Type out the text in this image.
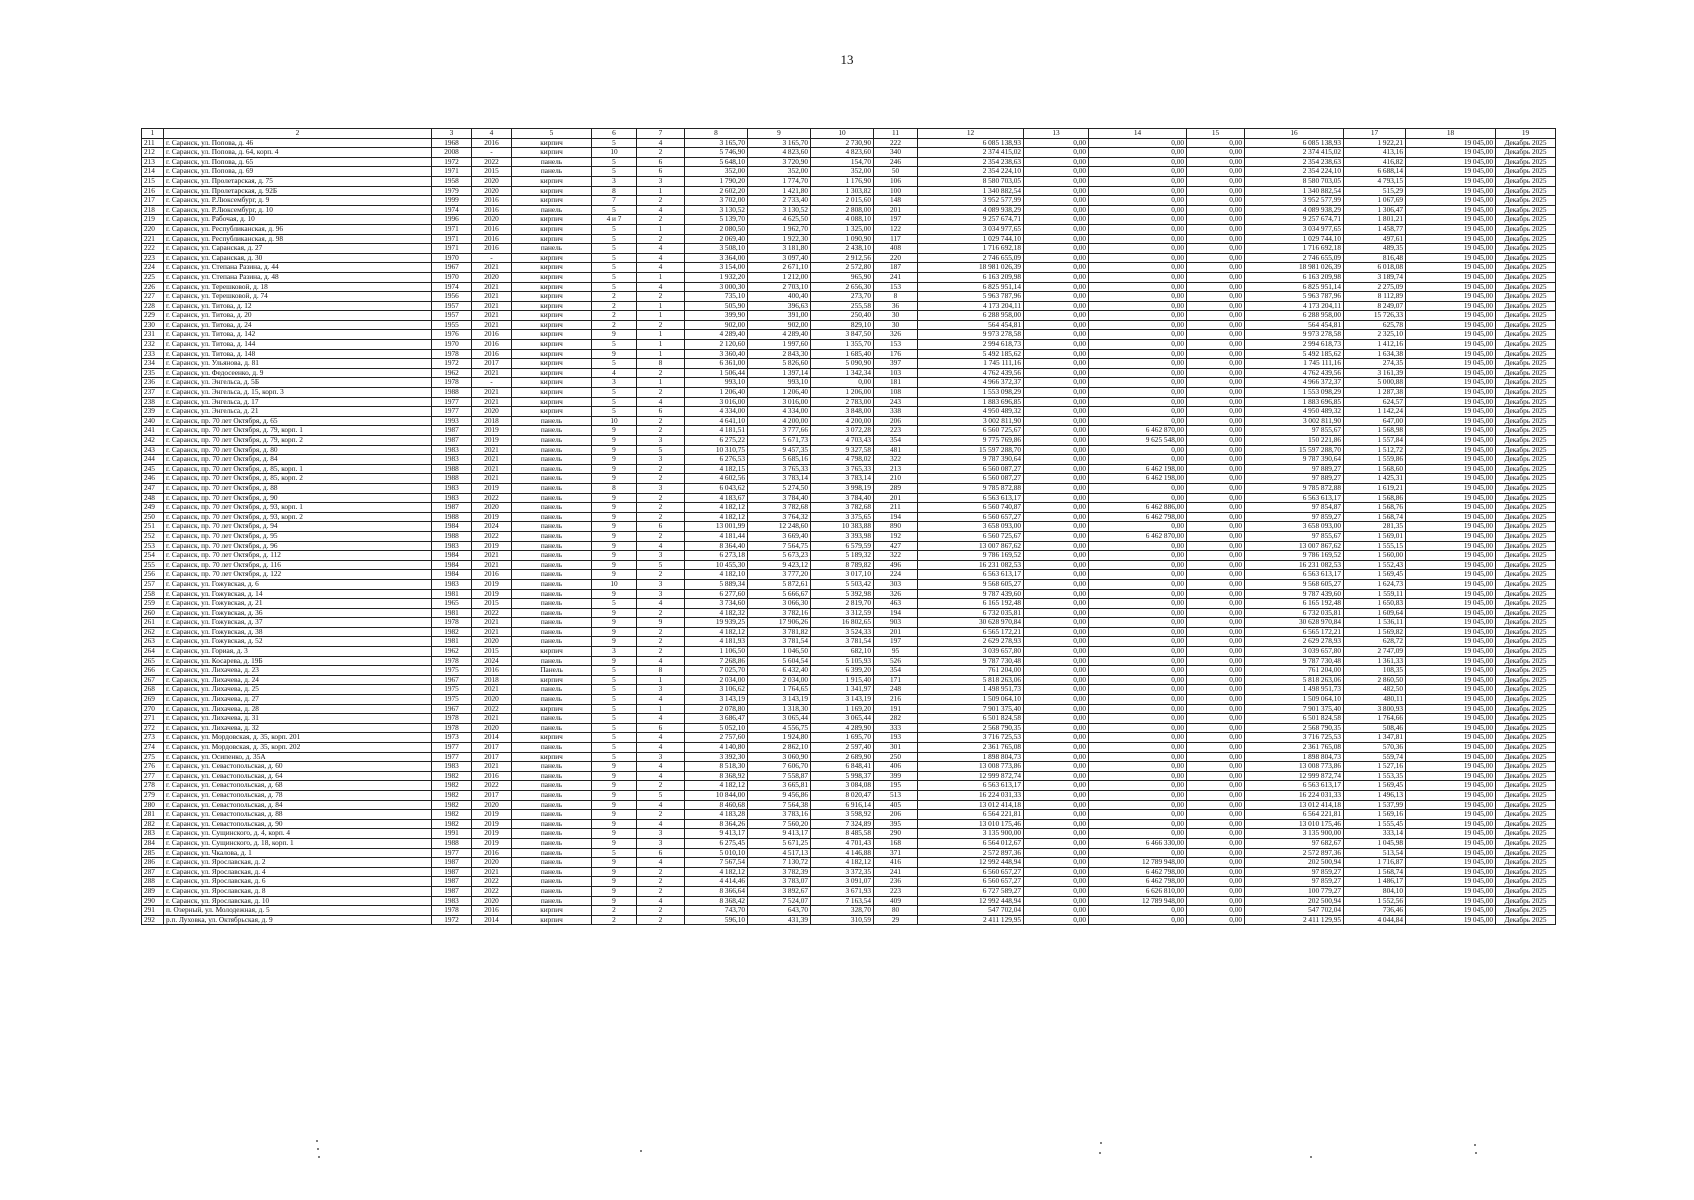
13
1	2	3	4	5	6	7	8	9	10	11	12	13	14	15	16	17	18	19
211	г. Саранск, ул. Попова, д. 46	1968	2016	кирпич	5	4	3 165,70	3 165,70	2 730,90	222	6 085 138,93	0,00	0,00	0,00	6 085 138,93	1 922,21	19 045,00	Декабрь 2025
212	г. Саранск, ул. Попова, д. 64, корп. 4	2008	-	кирпич	10	2	5 746,90	4 823,60	4 823,60	340	2 374 415,02	0,00	0,00	0,00	2 374 415,02	413,16	19 045,00	Декабрь 2025
213	г. Саранск, ул. Попова, д. 65	1972	2022	панель	5	6	5 648,10	3 720,90	154,70	246	2 354 238,63	0,00	0,00	0,00	2 354 238,63	416,82	19 045,00	Декабрь 2025
214	г. Саранск, ул. Попова, д. 69	1971	2015	панель	5	6	352,00	352,00	352,00	50	2 354 224,10	0,00	0,00	0,00	2 354 224,10	6 688,14	19 045,00	Декабрь 2025
215	г. Саранск, ул. Пролетарская, д. 75	1958	2020	кирпич	3	3	1 790,20	1 774,70	1 176,90	106	8 580 703,05	0,00	0,00	0,00	8 580 703,05	4 793,15	19 045,00	Декабрь 2025
216	г. Саранск, ул. Пролетарская, д. 92Б	1979	2020	кирпич	8	1	2 602,20	1 421,80	1 303,82	100	1 340 882,54	0,00	0,00	0,00	1 340 882,54	515,29	19 045,00	Декабрь 2025
217	г. Саранск, ул. Р.Люксембург, д. 9	1999	2016	кирпич	7	2	3 702,00	2 733,40	2 015,60	148	3 952 577,99	0,00	0,00	0,00	3 952 577,99	1 067,69	19 045,00	Декабрь 2025
218	г. Саранск, ул. Р.Люксембург, д. 10	1974	2016	панель	5	4	3 130,52	3 130,52	2 808,00	201	4 089 938,29	0,00	0,00	0,00	4 089 938,29	1 306,47	19 045,00	Декабрь 2025
219	г. Саранск, ул. Рабочая, д. 10	1996	2020	кирпич	4 и 7	2	5 139,70	4 625,50	4 088,10	197	9 257 674,71	0,00	0,00	0,00	9 257 674,71	1 801,21	19 045,00	Декабрь 2025
220	г. Саранск, ул. Республиканская, д. 96	1971	2016	кирпич	5	1	2 080,50	1 962,70	1 325,00	122	3 034 977,65	0,00	0,00	0,00	3 034 977,65	1 458,77	19 045,00	Декабрь 2025
221	г. Саранск, ул. Республиканская, д. 98	1971	2016	кирпич	5	2	2 069,40	1 922,30	1 090,90	117	1 029 744,10	0,00	0,00	0,00	1 029 744,10	497,61	19 045,00	Декабрь 2025
222	г. Саранск, ул. Саранская, д. 27	1971	2016	панель	5	4	3 508,10	3 181,80	2 438,10	408	1 716 692,18	0,00	0,00	0,00	1 716 692,18	489,35	19 045,00	Декабрь 2025
223	г. Саранск, ул. Саранская, д. 30	1970	-	кирпич	5	4	3 364,00	3 097,40	2 912,56	220	2 746 655,09	0,00	0,00	0,00	2 746 655,09	816,48	19 045,00	Декабрь 2025
224	г. Саранск, ул. Степана Разина, д. 44	1967	2021	кирпич	5	4	3 154,00	2 671,10	2 572,80	187	18 981 026,39	0,00	0,00	0,00	18 981 026,39	6 018,08	19 045,00	Декабрь 2025
225	г. Саранск, ул. Степана Разина, д. 48	1970	2020	кирпич	5	1	1 932,20	1 212,00	965,90	241	6 163 209,98	0,00	0,00	0,00	6 163 209,98	3 189,74	19 045,00	Декабрь 2025
226	г. Саранск, ул. Терешковой, д. 18	1974	2021	кирпич	5	4	3 000,30	2 703,10	2 656,30	153	6 825 951,14	0,00	0,00	0,00	6 825 951,14	2 275,09	19 045,00	Декабрь 2025
227	г. Саранск, ул. Терешковой, д. 74	1956	2021	кирпич	2	2	735,10	400,40	273,70	8	5 963 787,96	0,00	0,00	0,00	5 963 787,96	8 112,89	19 045,00	Декабрь 2025
228	г. Саранск, ул. Титова, д. 12	1957	2021	кирпич	2	1	505,90	396,63	255,58	36	4 173 204,11	0,00	0,00	0,00	4 173 204,11	8 249,07	19 045,00	Декабрь 2025
229	г. Саранск, ул. Титова, д. 20	1957	2021	кирпич	2	1	399,90	391,00	250,40	30	6 288 958,00	0,00	0,00	0,00	6 288 958,00	15 726,33	19 045,00	Декабрь 2025
230	г. Саранск, ул. Титова, д. 24	1955	2021	кирпич	2	2	902,00	902,00	829,10	30	564 454,81	0,00	0,00	0,00	564 454,81	625,78	19 045,00	Декабрь 2025
231	г. Саранск, ул. Титова, д. 142	1976	2016	кирпич	9	1	4 289,40	4 289,40	3 847,50	326	9 973 278,58	0,00	0,00	0,00	9 973 278,58	2 325,10	19 045,00	Декабрь 2025
232	г. Саранск, ул. Титова, д. 144	1970	2016	кирпич	5	1	2 120,60	1 997,60	1 355,70	153	2 994 618,73	0,00	0,00	0,00	2 994 618,73	1 412,16	19 045,00	Декабрь 2025
233	г. Саранск, ул. Титова, д. 148	1978	2016	кирпич	9	1	3 360,40	2 843,30	1 685,40	176	5 492 185,62	0,00	0,00	0,00	5 492 185,62	1 634,38	19 045,00	Декабрь 2025
234	г. Саранск, ул. Ульянова, д. 81	1972	2017	кирпич	5	8	6 361,00	5 826,60	5 090,90	397	1 745 111,16	0,00	0,00	0,00	1 745 111,16	274,35	19 045,00	Декабрь 2025
235	г. Саранск, ул. Федосеенко, д. 9	1962	2021	кирпич	4	2	1 506,44	1 397,14	1 342,34	103	4 762 439,56	0,00	0,00	0,00	4 762 439,56	3 161,39	19 045,00	Декабрь 2025
236	г. Саранск, ул. Энгельса, д. 5Б	1978	-	кирпич	3	1	993,10	993,10	0,00	181	4 966 372,37	0,00	0,00	0,00	4 966 372,37	5 000,88	19 045,00	Декабрь 2025
237	г. Саранск, ул. Энгельса, д. 15, корп. 3	1988	2021	кирпич	5	2	1 206,40	1 206,40	1 206,00	108	1 553 098,29	0,00	0,00	0,00	1 553 098,29	1 287,38	19 045,00	Декабрь 2025
238	г. Саранск, ул. Энгельса, д. 17	1977	2021	кирпич	5	4	3 016,00	3 016,00	2 783,00	243	1 883 696,85	0,00	0,00	0,00	1 883 696,85	624,57	19 045,00	Декабрь 2025
239	г. Саранск, ул. Энгельса, д. 21	1977	2020	кирпич	5	6	4 334,00	4 334,00	3 848,00	338	4 950 489,32	0,00	0,00	0,00	4 950 489,32	1 142,24	19 045,00	Декабрь 2025
240	г. Саранск, пр. 70 лет Октября, д. 65	1993	2018	панель	10	2	4 641,10	4 200,00	4 200,00	206	3 002 811,90	0,00	0,00	0,00	3 002 811,90	647,00	19 045,00	Декабрь 2025
241	г. Саранск, пр. 70 лет Октября, д. 79, корп. 1	1987	2019	панель	9	2	4 181,51	3 777,66	3 072,28	223	6 560 725,67	0,00	6 462 870,00	0,00	97 855,67	1 568,98	19 045,00	Декабрь 2025
242	г. Саранск, пр. 70 лет Октября, д. 79, корп. 2	1987	2019	панель	9	3	6 275,22	5 671,73	4 703,43	354	9 775 769,86	0,00	9 625 548,00	0,00	150 221,86	1 557,84	19 045,00	Декабрь 2025
243	г. Саранск, пр. 70 лет Октября, д. 80	1983	2021	панель	9	5	10 310,75	9 457,35	9 327,58	481	15 597 288,70	0,00	0,00	0,00	15 597 288,70	1 512,72	19 045,00	Декабрь 2025
244	г. Саранск, пр. 70 лет Октября, д. 84	1983	2021	панель	9	3	6 276,53	5 685,16	4 798,02	322	9 787 390,64	0,00	0,00	0,00	9 787 390,64	1 559,86	19 045,00	Декабрь 2025
245	г. Саранск, пр. 70 лет Октября, д. 85, корп. 1	1988	2021	панель	9	2	4 182,15	3 765,33	3 765,33	213	6 560 087,27	0,00	6 462 198,00	0,00	97 889,27	1 568,60	19 045,00	Декабрь 2025
246	г. Саранск, пр. 70 лет Октября, д. 85, корп. 2	1988	2021	панель	9	2	4 602,56	3 783,14	3 783,14	210	6 560 087,27	0,00	6 462 198,00	0,00	97 889,27	1 425,31	19 045,00	Декабрь 2025
247	г. Саранск, пр. 70 лет Октября, д. 88	1983	2019	панель	8	3	6 043,62	5 274,50	3 998,19	289	9 785 872,88	0,00	0,00	0,00	9 785 872,88	1 619,21	19 045,00	Декабрь 2025
248	г. Саранск, пр. 70 лет Октября, д. 90	1983	2022	панель	9	2	4 183,67	3 784,40	3 784,40	201	6 563 613,17	0,00	0,00	0,00	6 563 613,17	1 568,86	19 045,00	Декабрь 2025
249	г. Саранск, пр. 70 лет Октября, д. 93, корп. 1	1987	2020	панель	9	2	4 182,12	3 782,68	3 782,68	211	6 560 740,87	0,00	6 462 886,00	0,00	97 854,87	1 568,76	19 045,00	Декабрь 2025
250	г. Саранск, пр. 70 лет Октября, д. 93, корп. 2	1988	2019	панель	9	2	4 182,12	3 764,32	3 375,65	194	6 560 657,27	0,00	6 462 798,00	0,00	97 859,27	1 568,74	19 045,00	Декабрь 2025
251	г. Саранск, пр. 70 лет Октября, д. 94	1984	2024	панель	9	6	13 001,99	12 248,60	10 383,88	890	3 658 093,00	0,00	0,00	0,00	3 658 093,00	281,35	19 045,00	Декабрь 2025
252	г. Саранск, пр. 70 лет Октября, д. 95	1988	2022	панель	9	2	4 181,44	3 669,40	3 393,98	192	6 560 725,67	0,00	6 462 870,00	0,00	97 855,67	1 569,01	19 045,00	Декабрь 2025
253	г. Саранск, пр. 70 лет Октября, д. 96	1983	2019	панель	9	4	8 364,40	7 564,75	6 579,59	427	13 007 867,62	0,00	0,00	0,00	13 007 867,62	1 555,15	19 045,00	Декабрь 2025
254	г. Саранск, пр. 70 лет Октября, д. 112	1984	2021	панель	9	3	6 273,18	5 673,23	5 189,32	322	9 786 169,52	0,00	0,00	0,00	9 786 169,52	1 560,00	19 045,00	Декабрь 2025
255	г. Саранск, пр. 70 лет Октября, д. 116	1984	2021	панель	9	5	10 455,30	9 423,12	8 789,82	496	16 231 082,53	0,00	0,00	0,00	16 231 082,53	1 552,43	19 045,00	Декабрь 2025
256	г. Саранск, пр. 70 лет Октября, д. 122	1984	2016	панель	9	2	4 182,10	3 777,20	3 017,10	224	6 563 613,17	0,00	0,00	0,00	6 563 613,17	1 569,45	19 045,00	Декабрь 2025
257	г. Саранск, ул. Гожувская, д. 6	1983	2019	панель	10	3	5 889,34	5 872,61	5 503,42	303	9 568 605,27	0,00	0,00	0,00	9 568 605,27	1 624,73	19 045,00	Декабрь 2025
258	г. Саранск, ул. Гожувская, д. 14	1981	2019	панель	9	3	6 277,60	5 666,67	5 392,98	326	9 787 439,60	0,00	0,00	0,00	9 787 439,60	1 559,11	19 045,00	Декабрь 2025
259	г. Саранск, ул. Гожувская, д. 21	1965	2015	панель	5	4	3 734,60	3 066,30	2 819,70	463	6 165 192,48	0,00	0,00	0,00	6 165 192,48	1 650,83	19 045,00	Декабрь 2025
260	г. Саранск, ул. Гожувская, д. 36	1981	2022	панель	9	2	4 182,32	3 782,16	3 312,59	194	6 732 035,81	0,00	0,00	0,00	6 732 035,81	1 609,64	19 045,00	Декабрь 2025
261	г. Саранск, ул. Гожувская, д. 37	1978	2021	панель	9	9	19 939,25	17 906,26	16 802,65	903	30 628 970,84	0,00	0,00	0,00	30 628 970,84	1 536,11	19 045,00	Декабрь 2025
262	г. Саранск, ул. Гожувская, д. 38	1982	2021	панель	9	2	4 182,12	3 781,82	3 524,33	201	6 565 172,21	0,00	0,00	0,00	6 565 172,21	1 569,82	19 045,00	Декабрь 2025
263	г. Саранск, ул. Гожувская, д. 52	1981	2020	панель	9	2	4 181,93	3 781,54	3 781,54	197	2 629 278,93	0,00	0,00	0,00	2 629 278,93	628,72	19 045,00	Декабрь 2025
264	г. Саранск, ул. Гориая, д. 3	1962	2015	кирпич	3	2	1 106,50	1 046,50	682,10	95	3 039 657,80	0,00	0,00	0,00	3 039 657,80	2 747,09	19 045,00	Декабрь 2025
265	г. Саранск, ул. Косарева, д. 19Б	1978	2024	панель	9	4	7 268,86	5 604,54	5 105,93	526	9 787 730,48	0,00	0,00	0,00	9 787 730,48	1 361,33	19 045,00	Декабрь 2025
266	г. Саранск, ул. Лихачева, д. 23	1975	2016	Панель	5	8	7 025,70	6 432,40	6 399,20	354	761 204,00	0,00	0,00	0,00	761 204,00	108,35	19 045,00	Декабрь 2025
267	г. Саранск, ул. Лихачева, д. 24	1967	2018	кирпич	5	1	2 034,00	2 034,00	1 915,40	171	5 818 263,06	0,00	0,00	0,00	5 818 263,06	2 860,50	19 045,00	Декабрь 2025
268	г. Саранск, ул. Лихачева, д. 25	1975	2021	панель	5	3	3 106,62	1 764,65	1 341,97	248	1 498 951,73	0,00	0,00	0,00	1 498 951,73	482,50	19 045,00	Декабрь 2025
269	г. Саранск, ул. Лихачева, д. 27	1975	2020	панель	5	4	3 143,19	3 143,19	3 143,19	216	1 509 064,10	0,00	0,00	0,00	1 509 064,10	480,11	19 045,00	Декабрь 2025
270	г. Саранск, ул. Лихачева, д. 28	1967	2022	кирпич	5	1	2 078,80	1 318,30	1 169,20	191	7 901 375,40	0,00	0,00	0,00	7 901 375,40	3 800,93	19 045,00	Декабрь 2025
271	г. Саранск, ул. Лихачева, д. 31	1978	2021	панель	5	4	3 686,47	3 065,44	3 065,44	282	6 501 824,58	0,00	0,00	0,00	6 501 824,58	1 764,66	19 045,00	Декабрь 2025
272	г. Саранск, ул. Лихачева, д. 32	1978	2020	панель	5	6	5 052,10	4 556,75	4 289,90	333	2 568 790,35	0,00	0,00	0,00	2 568 790,35	508,46	19 045,00	Декабрь 2025
273	г. Саранск, ул. Мордовская, д. 35, корп. 201	1973	2014	кирпич	5	4	2 757,60	1 924,80	1 695,70	193	3 716 725,53	0,00	0,00	0,00	3 716 725,53	1 347,81	19 045,00	Декабрь 2025
274	г. Саранск, ул. Мордовская, д. 35, корп. 202	1977	2017	панель	5	4	4 140,80	2 862,10	2 597,40	301	2 361 765,08	0,00	0,00	0,00	2 361 765,08	570,36	19 045,00	Декабрь 2025
275	г. Саранск, ул. Осипенко, д. 35А	1977	2017	кирпич	5	3	3 392,30	3 060,90	2 689,90	250	1 898 804,73	0,00	0,00	0,00	1 898 804,73	559,74	19 045,00	Декабрь 2025
276	г. Саранск, ул. Севастопольская, д. 60	1983	2021	панель	9	4	8 518,30	7 606,70	6 848,41	406	13 008 773,86	0,00	0,00	0,00	13 008 773,86	1 527,16	19 045,00	Декабрь 2025
277	г. Саранск, ул. Севастопольская, д. 64	1982	2016	панель	9	4	8 368,92	7 558,87	5 998,37	399	12 999 872,74	0,00	0,00	0,00	12 999 872,74	1 553,35	19 045,00	Декабрь 2025
278	г. Саранск, ул. Севастопольская, д. 68	1982	2022	панель	9	2	4 182,12	3 665,81	3 084,08	195	6 563 613,17	0,00	0,00	0,00	6 563 613,17	1 569,45	19 045,00	Декабрь 2025
279	г. Саранск, ул. Севастопольская, д. 78	1982	2017	панель	9	5	10 844,00	9 456,86	8 020,47	513	16 224 031,33	0,00	0,00	0,00	16 224 031,33	1 496,13	19 045,00	Декабрь 2025
280	г. Саранск, ул. Севастопольская, д. 84	1982	2020	панель	9	4	8 460,68	7 564,38	6 916,14	405	13 012 414,18	0,00	0,00	0,00	13 012 414,18	1 537,99	19 045,00	Декабрь 2025
281	г. Саранск, ул. Севастопольская, д. 88	1982	2019	панель	9	2	4 183,28	3 783,16	3 598,92	206	6 564 221,81	0,00	0,00	0,00	6 564 221,81	1 569,16	19 045,00	Декабрь 2025
282	г. Саранск, ул. Севастопольская, д. 90	1982	2019	панель	9	4	8 364,26	7 560,20	7 324,89	395	13 010 175,46	0,00	0,00	0,00	13 010 175,46	1 555,45	19 045,00	Декабрь 2025
283	г. Саранск, ул. Сущинского, д. 4, корп. 4	1991	2019	панель	9	3	9 413,17	9 413,17	8 485,58	290	3 135 900,00	0,00	0,00	0,00	3 135 900,00	333,14	19 045,00	Декабрь 2025
284	г. Саранск, ул. Сущинского, д. 18, корп. 1	1988	2019	панель	9	3	6 275,45	5 671,25	4 701,43	168	6 564 012,67	0,00	6 466 330,00	0,00	97 682,67	1 045,98	19 045,00	Декабрь 2025
285	г. Саранск, ул. Чкалова, д. 1	1977	2016	панель	5	6	5 010,10	4 517,13	4 146,88	371	2 572 897,36	0,00	0,00	0,00	2 572 897,36	513,54	19 045,00	Декабрь 2025
286	г. Саранск, ул. Ярославская, д. 2	1987	2020	панель	9	4	7 567,54	7 130,72	4 182,12	416	12 992 448,94	0,00	12 789 948,00	0,00	202 500,94	1 716,87	19 045,00	Декабрь 2025
287	г. Саранск, ул. Ярославская, д. 4	1987	2021	панель	9	2	4 182,12	3 782,39	3 372,35	241	6 560 657,27	0,00	6 462 798,00	0,00	97 859,27	1 568,74	19 045,00	Декабрь 2025
288	г. Саранск, ул. Ярославская, д. 6	1987	2022	панель	9	2	4 414,46	3 783,07	3 091,07	236	6 560 657,27	0,00	6 462 798,00	0,00	97 859,27	1 486,17	19 045,00	Декабрь 2025
289	г. Саранск, ул. Ярославская, д. 8	1987	2022	панель	9	2	8 366,64	3 892,67	3 671,93	223	6 727 589,27	0,00	6 626 810,00	0,00	100 779,27	804,10	19 045,00	Декабрь 2025
290	г. Саранск, ул. Ярославская, д. 10	1983	2020	панель	9	4	8 368,42	7 524,07	7 163,54	409	12 992 448,94	0,00	12 789 948,00	0,00	202 500,94	1 552,56	19 045,00	Декабрь 2025
291	п. Озерный, ул. Молодежная, д. 5	1978	2016	кирпич	2	2	743,70	643,70	328,70	80	547 702,04	0,00	0,00	0,00	547 702,04	736,46	19 045,00	Декабрь 2025
292	р.п. Луховка, ул. Октябрьская, д. 9	1972	2014	кирпич	2	2	596,10	431,39	310,59	29	2 411 129,95	0,00	0,00	0,00	2 411 129,95	4 044,84	19 045,00	Декабрь 2025
